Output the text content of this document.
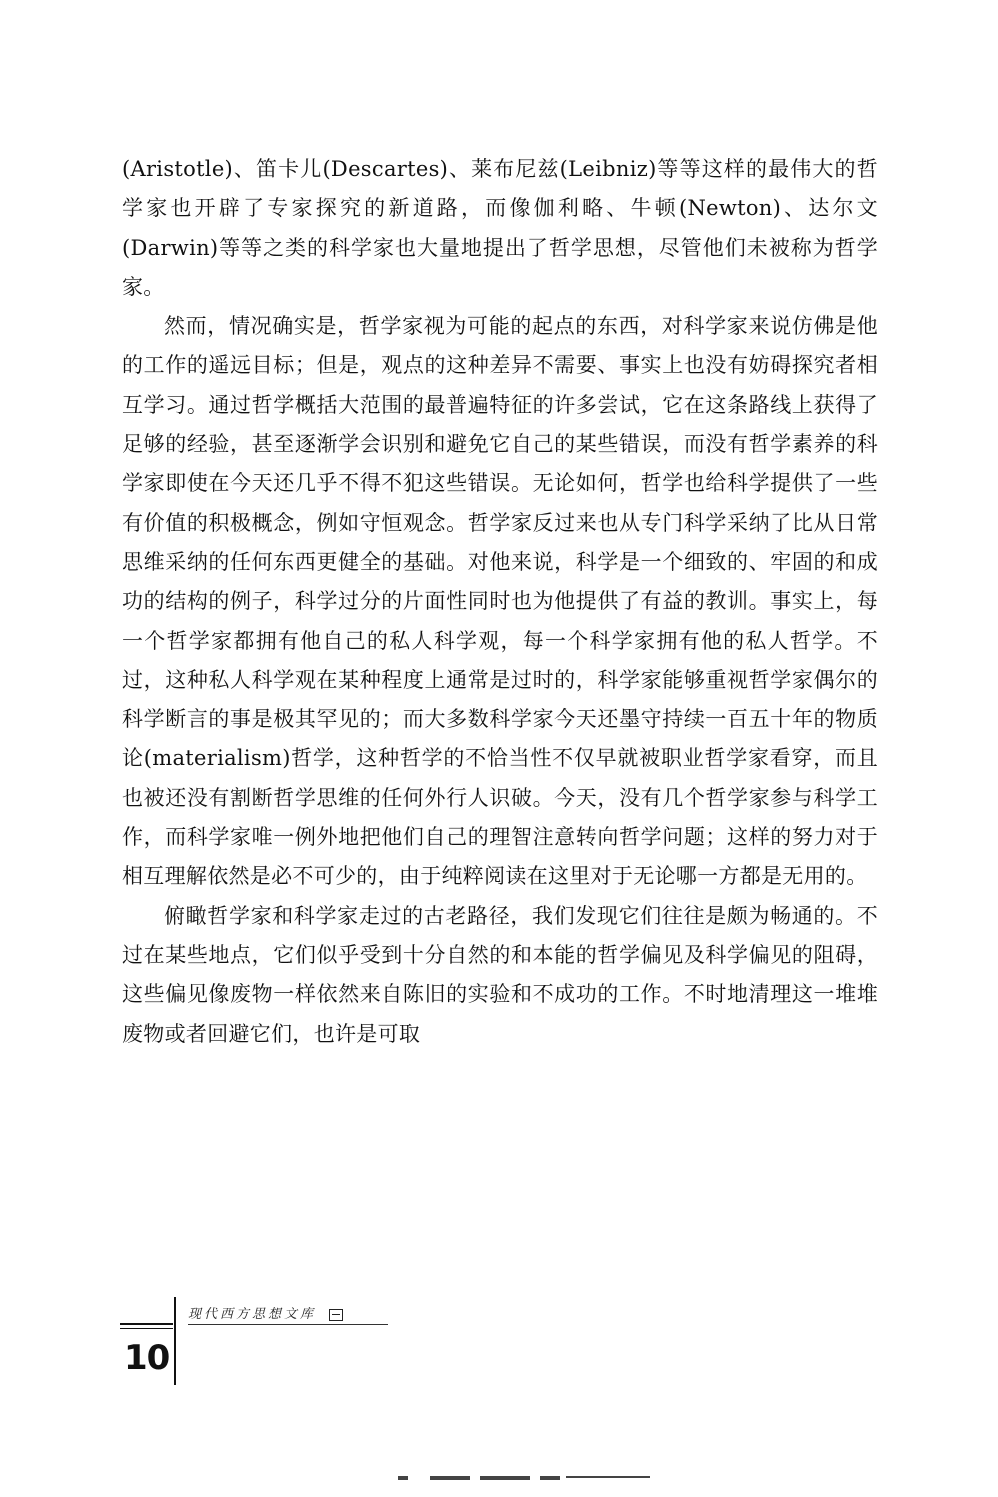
(Aristotle)、笛卡儿(Descartes)、莱布尼兹(Leibniz)等等这样的最伟大的哲学家也开辟了专家探究的新道路，而像伽利略、牛顿(Newton)、达尔文(Darwin)等等之类的科学家也大量地提出了哲学思想，尽管他们未被称为哲学家。

然而，情况确实是，哲学家视为可能的起点的东西，对科学家来说仿佛是他的工作的遥远目标；但是，观点的这种差异不需要、事实上也没有妨碍探究者相互学习。通过哲学概括大范围的最普遍特征的许多尝试，它在这条路线上获得了足够的经验，甚至逐渐学会识别和避免它自己的某些错误，而没有哲学素养的科学家即使在今天还几乎不得不犯这些错误。无论如何，哲学也给科学提供了一些有价值的积极概念，例如守恒观念。哲学家反过来也从专门科学采纳了比从日常思维采纳的任何东西更健全的基础。对他来说，科学是一个细致的、牢固的和成功的结构的例子，科学过分的片面性同时也为他提供了有益的教训。事实上，每一个哲学家都拥有他自己的私人科学观，每一个科学家拥有他的私人哲学。不过，这种私人科学观在某种程度上通常是过时的，科学家能够重视哲学家偶尔的科学断言的事是极其罕见的；而大多数科学家今天还墨守持续一百五十年的物质论(materialism)哲学，这种哲学的不恰当性不仅早就被职业哲学家看穿，而且也被还没有割断哲学思维的任何外行人识破。今天，没有几个哲学家参与科学工作，而科学家唯一例外地把他们自己的理智注意转向哲学问题；这样的努力对于相互理解依然是必不可少的，由于纯粹阅读在这里对于无论哪一方都是无用的。

俯瞰哲学家和科学家走过的古老路径，我们发现它们往往是颇为畅通的。不过在某些地点，它们似乎受到十分自然的和本能的哲学偏见及科学偏见的阻碍，这些偏见像废物一样依然来自陈旧的实验和不成功的工作。不时地清理这一堆堆废物或者回避它们，也许是可取

现代西方思想文库
10
